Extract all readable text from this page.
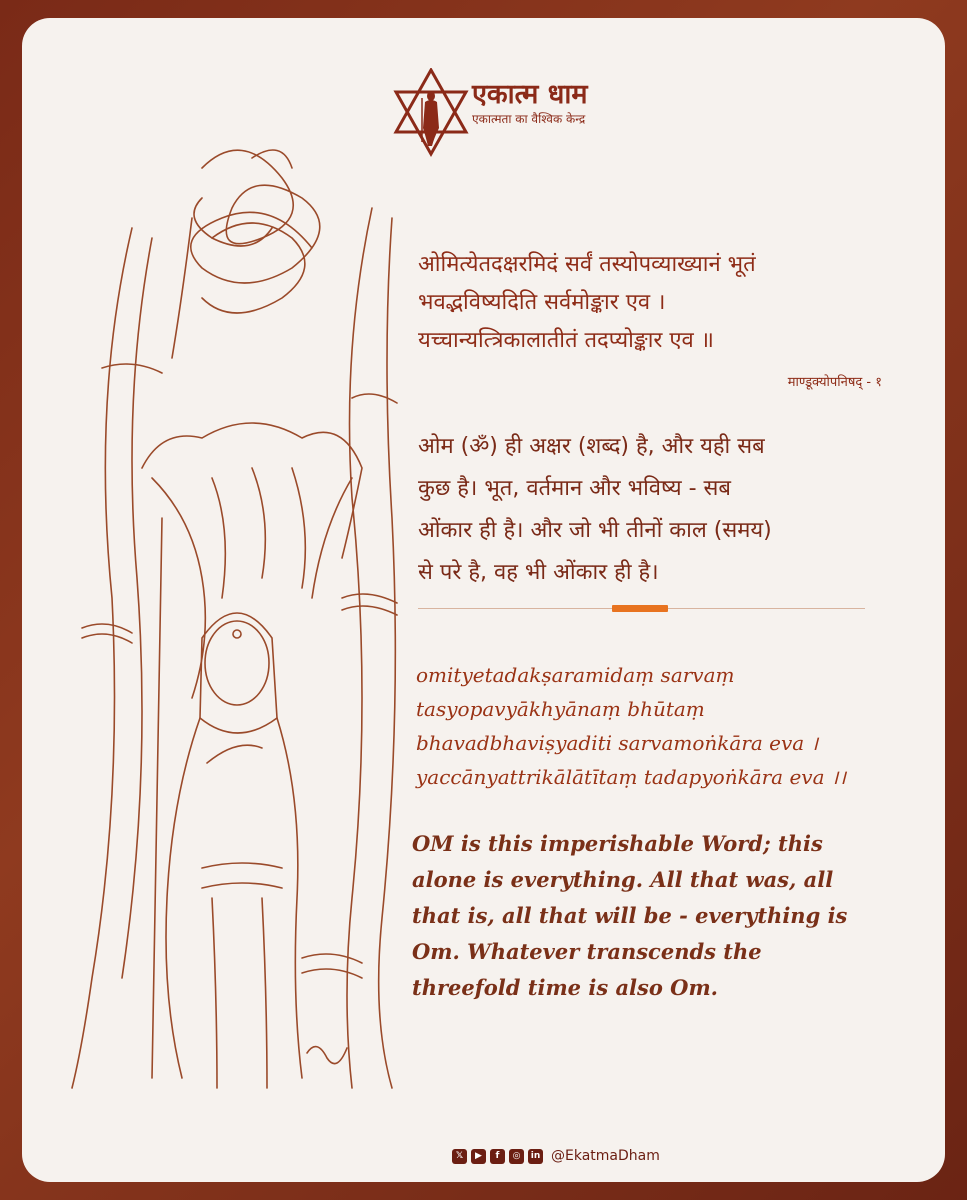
एकात्म धाम
एकात्मता का वैश्विक केन्द्र
ओमित्येतदक्षरमिदं सर्वं तस्योपव्याख्यानं भूतं
भवद्भविष्यदिति सर्वमोङ्कार एव ।
यच्चान्यत्त्रिकालातीतं तदप्योङ्कार एव ॥
माण्डूक्योपनिषद् - १
ओम (ॐ) ही अक्षर (शब्द) है, और यही सब
कुछ है। भूत, वर्तमान और भविष्य - सब
ओंकार ही है। और जो भी तीनों काल (समय)
से परे है, वह भी ओंकार ही है।
omityetadakṣaramidaṃ sarvaṃ
tasyopavyākhyānaṃ bhūtaṃ
bhavadbhaviṣyaditi sarvamoṅkāra eva ।
yaccānyattrikālātītaṃ tadapyoṅkāra eva ।।
OM is this imperishable Word; this
alone is everything. All that was, all
that is, all that will be - everything is
Om. Whatever transcends the
threefold time is also Om.
𝕏	▶	f	◎	in @EkatmaDham
